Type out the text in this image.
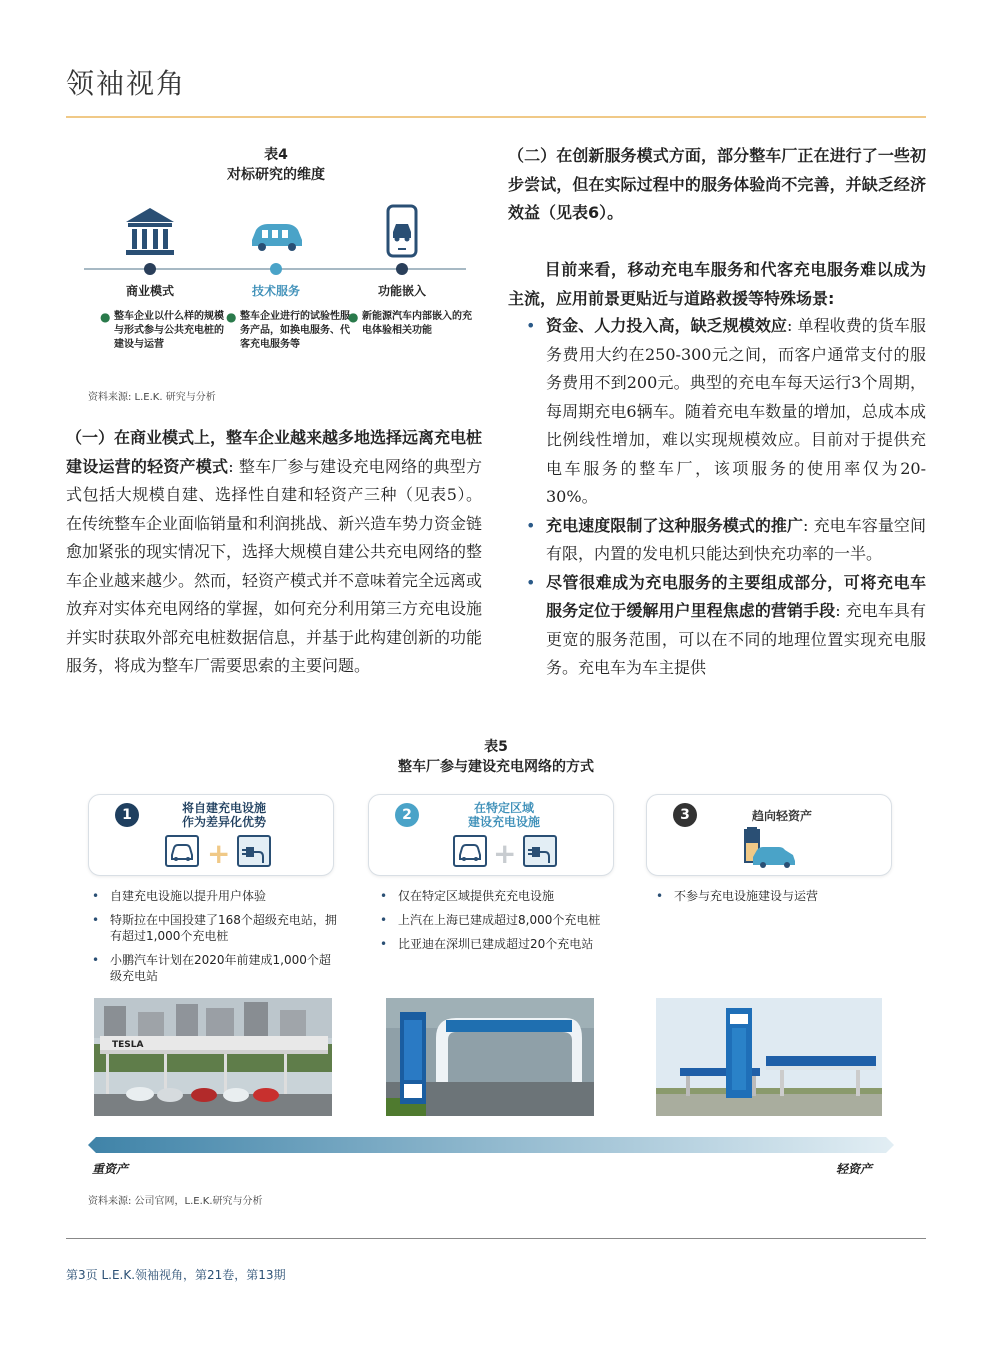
领袖视角
表4
对标研究的维度
商业模式	技术服务	功能嵌入
● 整车企业以什么样的规模与形式参与公共充电桩的建设与运营
● 整车企业进行的试验性服务产品，如换电服务、代客充电服务等
● 新能源汽车内部嵌入的充电体验相关功能
资料来源: L.E.K. 研究与分析
（一）在商业模式上，整车企业越来越多地选择远离充电桩建设运营的轻资产模式: 整车厂参与建设充电网络的典型方式包括大规模自建、选择性自建和轻资产三种（见表5）。在传统整车企业面临销量和利润挑战、新兴造车势力资金链愈加紧张的现实情况下，选择大规模自建公共充电网络的整车企业越来越少。然而，轻资产模式并不意味着完全远离或放弃对实体充电网络的掌握，如何充分利用第三方充电设施并实时获取外部充电桩数据信息，并基于此构建创新的功能服务，将成为整车厂需要思索的主要问题。
（二）在创新服务模式方面，部分整车厂正在进行了一些初步尝试，但在实际过程中的服务体验尚不完善，并缺乏经济效益（见表6）。
目前来看，移动充电车服务和代客充电服务难以成为主流，应用前景更贴近与道路救援等特殊场景:
• 资金、人力投入高，缺乏规模效应: 单程收费的货车服务费用大约在250-300元之间，而客户通常支付的服务费用不到200元。典型的充电车每天运行3个周期，每周期充电6辆车。随着充电车数量的增加，总成本成比例线性增加，难以实现规模效应。目前对于提供充电车服务的整车厂，该项服务的使用率仅为20-30%。
• 充电速度限制了这种服务模式的推广: 充电车容量空间有限，内置的发电机只能达到快充功率的一半。
• 尽管很难成为充电服务的主要组成部分，可将充电车服务定位于缓解用户里程焦虑的营销手段: 充电车具有更宽的服务范围，可以在不同的地理位置实现充电服务。充电车为车主提供
表5
整车厂参与建设充电网络的方式
1	将自建充电设施
作为差异化优势
+
2	在特定区域
建设充电设施
+
3	趋向轻资产
• 自建充电设施以提升用户体验
• 特斯拉在中国投建了168个超级充电站，拥有超过1,000个充电桩
• 小鹏汽车计划在2020年前建成1,000个超级充电站
• 仅在特定区域提供充充电设施
• 上汽在上海已建成超过8,000个充电桩
• 比亚迪在深圳已建成超过20个充电站
• 不参与充电设施建设与运营
TESLA
重资产	轻资产
资料来源: 公司官网，L.E.K.研究与分析
第3页 L.E.K.领袖视角，第21卷，第13期
